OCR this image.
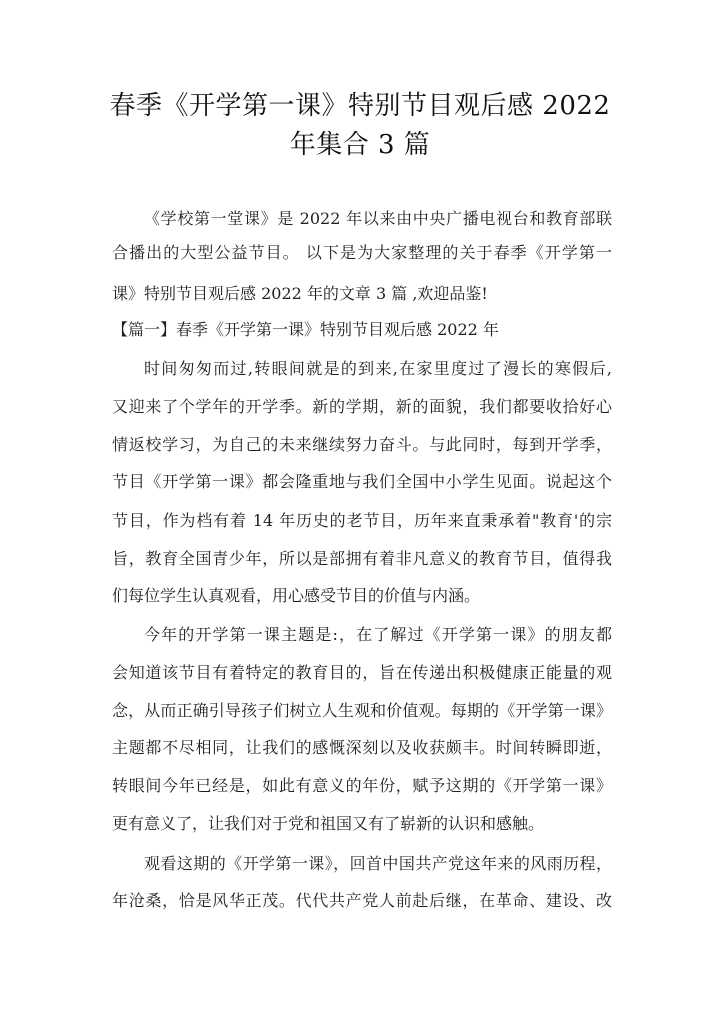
春季《开学第一课》特别节目观后感 2022
年集合 3 篇
《学校第一堂课》是 2022 年以来由中央广播电视台和教育部联
合播出的大型公益节目。 以下是为大家整理的关于春季《开学第一
课》特别节目观后感 2022 年的文章 3 篇 ,欢迎品鉴!
【篇一】春季《开学第一课》特别节目观后感 2022 年
时间匆匆而过,转眼间就是的到来,在家里度过了漫长的寒假后,
又迎来了个学年的开学季。新的学期，新的面貌，我们都要收拾好心
情返校学习，为自己的未来继续努力奋斗。与此同时，每到开学季，
节目《开学第一课》都会隆重地与我们全国中小学生见面。说起这个
节目，作为档有着 14 年历史的老节目，历年来直秉承着"教育'的宗
旨，教育全国青少年，所以是部拥有着非凡意义的教育节目，值得我
们每位学生认真观看，用心感受节目的价值与内涵。
今年的开学第一课主题是:，在了解过《开学第一课》的朋友都
会知道该节目有着特定的教育目的，旨在传递出积极健康正能量的观
念，从而正确引导孩子们树立人生观和价值观。每期的《开学第一课》
主题都不尽相同，让我们的感慨深刻以及收获颇丰。时间转瞬即逝，
转眼间今年已经是，如此有意义的年份，赋予这期的《开学第一课》
更有意义了，让我们对于党和祖国又有了崭新的认识和感触。
观看这期的《开学第一课》，回首中国共产党这年来的风雨历程，
年沧桑，恰是风华正茂。代代共产党人前赴后继，在革命、建设、改
